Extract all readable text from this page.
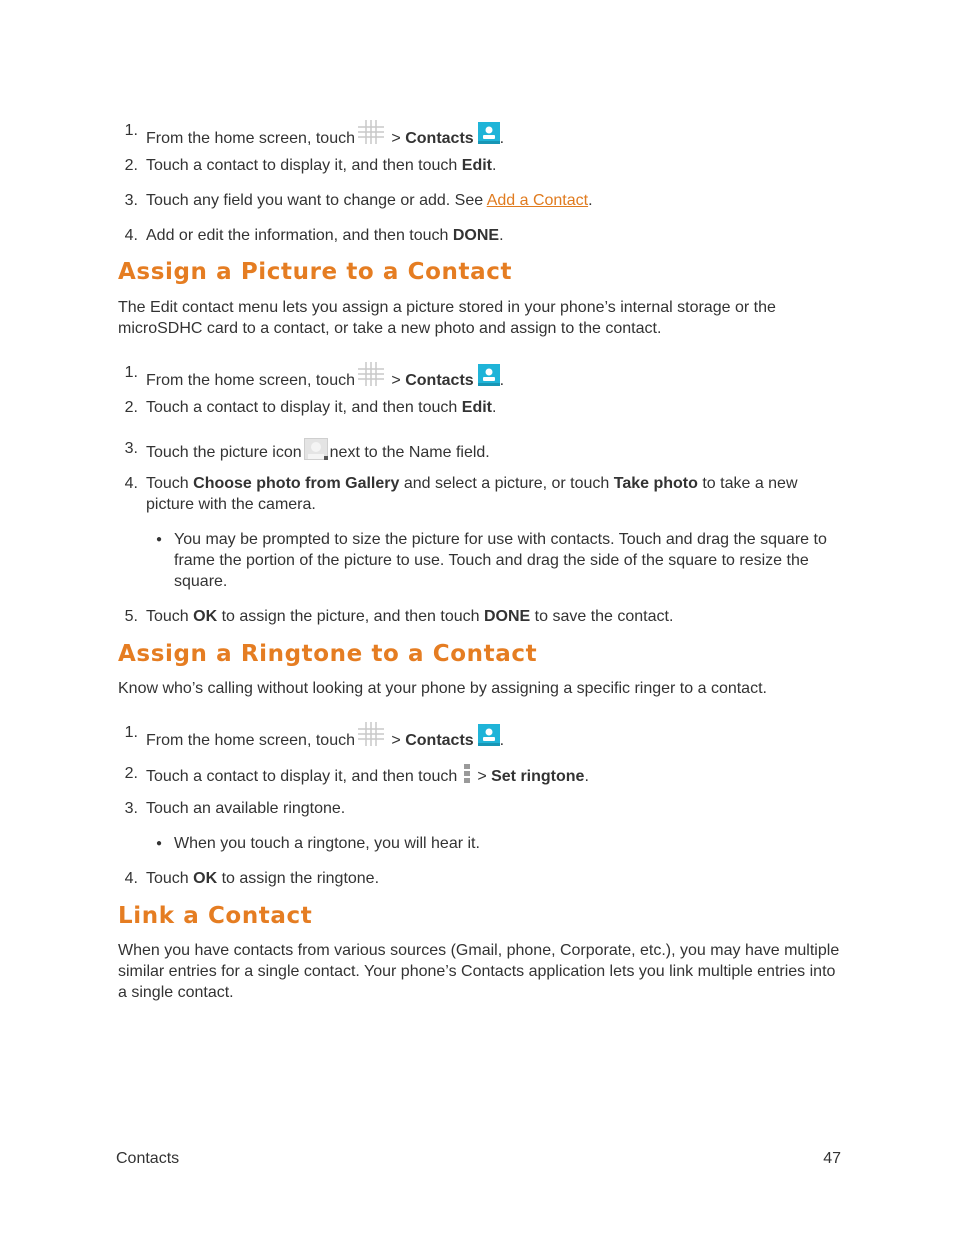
1. From the home screen, touch > Contacts .
2. Touch a contact to display it, and then touch Edit.
3. Touch any field you want to change or add. See Add a Contact.
4. Add or edit the information, and then touch DONE.
Assign a Picture to a Contact
The Edit contact menu lets you assign a picture stored in your phone’s internal storage or the microSDHC card to a contact, or take a new photo and assign to the contact.
1. From the home screen, touch > Contacts .
2. Touch a contact to display it, and then touch Edit.
3. Touch the picture icon next to the Name field.
4. Touch Choose photo from Gallery and select a picture, or touch Take photo to take a new picture with the camera.
● You may be prompted to size the picture for use with contacts. Touch and drag the square to frame the portion of the picture to use. Touch and drag the side of the square to resize the square.
5. Touch OK to assign the picture, and then touch DONE to save the contact.
Assign a Ringtone to a Contact
Know who’s calling without looking at your phone by assigning a specific ringer to a contact.
1. From the home screen, touch > Contacts .
2. Touch a contact to display it, and then touch > Set ringtone.
3. Touch an available ringtone.
● When you touch a ringtone, you will hear it.
4. Touch OK to assign the ringtone.
Link a Contact
When you have contacts from various sources (Gmail, phone, Corporate, etc.), you may have multiple similar entries for a single contact. Your phone’s Contacts application lets you link multiple entries into a single contact.
Contacts	47
